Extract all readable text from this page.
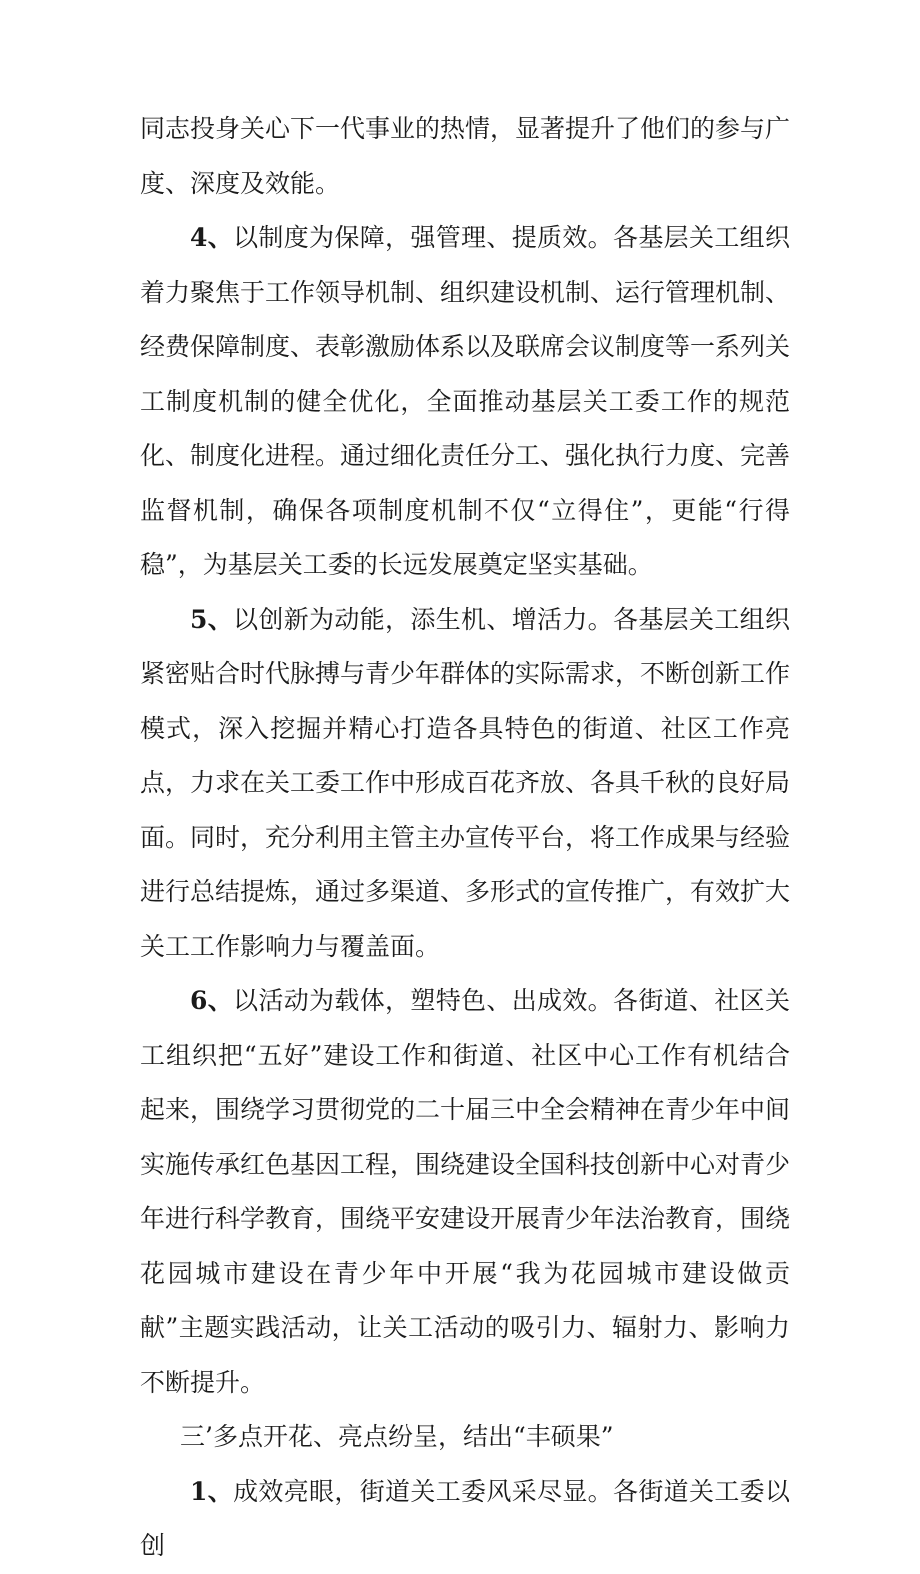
同志投身关心下一代事业的热情，显著提升了他们的参与广度、深度及效能。

4、以制度为保障，强管理、提质效。各基层关工组织着力聚焦于工作领导机制、组织建设机制、运行管理机制、经费保障制度、表彰激励体系以及联席会议制度等一系列关工制度机制的健全优化，全面推动基层关工委工作的规范化、制度化进程。通过细化责任分工、强化执行力度、完善监督机制，确保各项制度机制不仅“立得住”，更能“行得稳”，为基层关工委的长远发展奠定坚实基础。

5、以创新为动能，添生机、增活力。各基层关工组织紧密贴合时代脉搏与青少年群体的实际需求，不断创新工作模式，深入挖掘并精心打造各具特色的街道、社区工作亮点，力求在关工委工作中形成百花齐放、各具千秋的良好局面。同时，充分利用主管主办宣传平台，将工作成果与经验进行总结提炼，通过多渠道、多形式的宣传推广，有效扩大关工工作影响力与覆盖面。

6、以活动为载体，塑特色、出成效。各街道、社区关工组织把“五好”建设工作和街道、社区中心工作有机结合起来，围绕学习贯彻党的二十届三中全会精神在青少年中间实施传承红色基因工程，围绕建设全国科技创新中心对青少年进行科学教育，围绕平安建设开展青少年法治教育，围绕花园城市建设在青少年中开展“我为花园城市建设做贡献”主题实践活动，让关工活动的吸引力、辐射力、影响力不断提升。

三’多点开花、亮点纷呈，结出“丰硕果”

1、成效亮眼，街道关工委风采尽显。各街道关工委以创
